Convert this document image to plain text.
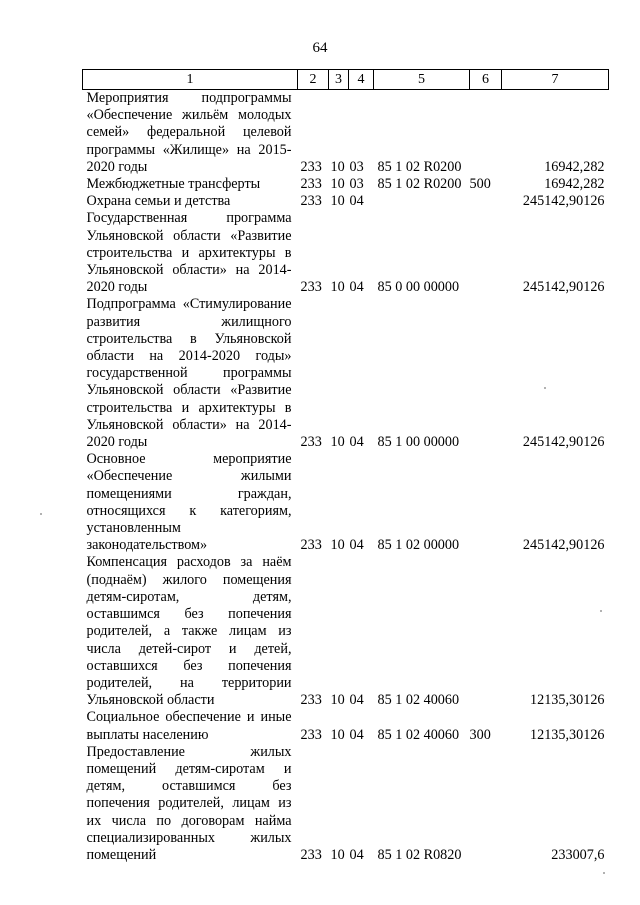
64
1	2	3	4	5	6	7
Мероприятия подпрограммы «Обеспечение жильём молодых семей» федеральной целевой программы «Жилище» на 2015-2020 годы	233	10	03	85 1 02 R0200		16942,282
Межбюджетные трансферты	233	10	03	85 1 02 R0200	500	16942,282
Охрана семьи и детства	233	10	04			245142,90126
Государственная программа Ульяновской области «Развитие строительства и архитектуры в Ульяновской области» на 2014-2020 годы	233	10	04	85 0 00 00000		245142,90126
Подпрограмма «Стимулирование развития жилищного строительства в Ульяновской области на 2014-2020 годы» государственной программы Ульяновской области «Развитие строительства и архитектуры в Ульяновской области» на 2014-2020 годы	233	10	04	85 1 00 00000		245142,90126
Основное мероприятие «Обеспечение жилыми помещениями граждан, относящихся к категориям, установленным законодательством»	233	10	04	85 1 02 00000		245142,90126
Компенсация расходов за наём (поднаём) жилого помещения детям-сиротам, детям, оставшимся без попечения родителей, а также лицам из числа детей-сирот и детей, оставшихся без попечения родителей, на территории Ульяновской области	233	10	04	85 1 02 40060		12135,30126
Социальное обеспечение и иные выплаты населению	233	10	04	85 1 02 40060	300	12135,30126
Предоставление жилых помещений детям-сиротам и детям, оставшимся без попечения родителей, лицам из их числа по договорам найма специализированных жилых помещений	233	10	04	85 1 02 R0820		233007,6
